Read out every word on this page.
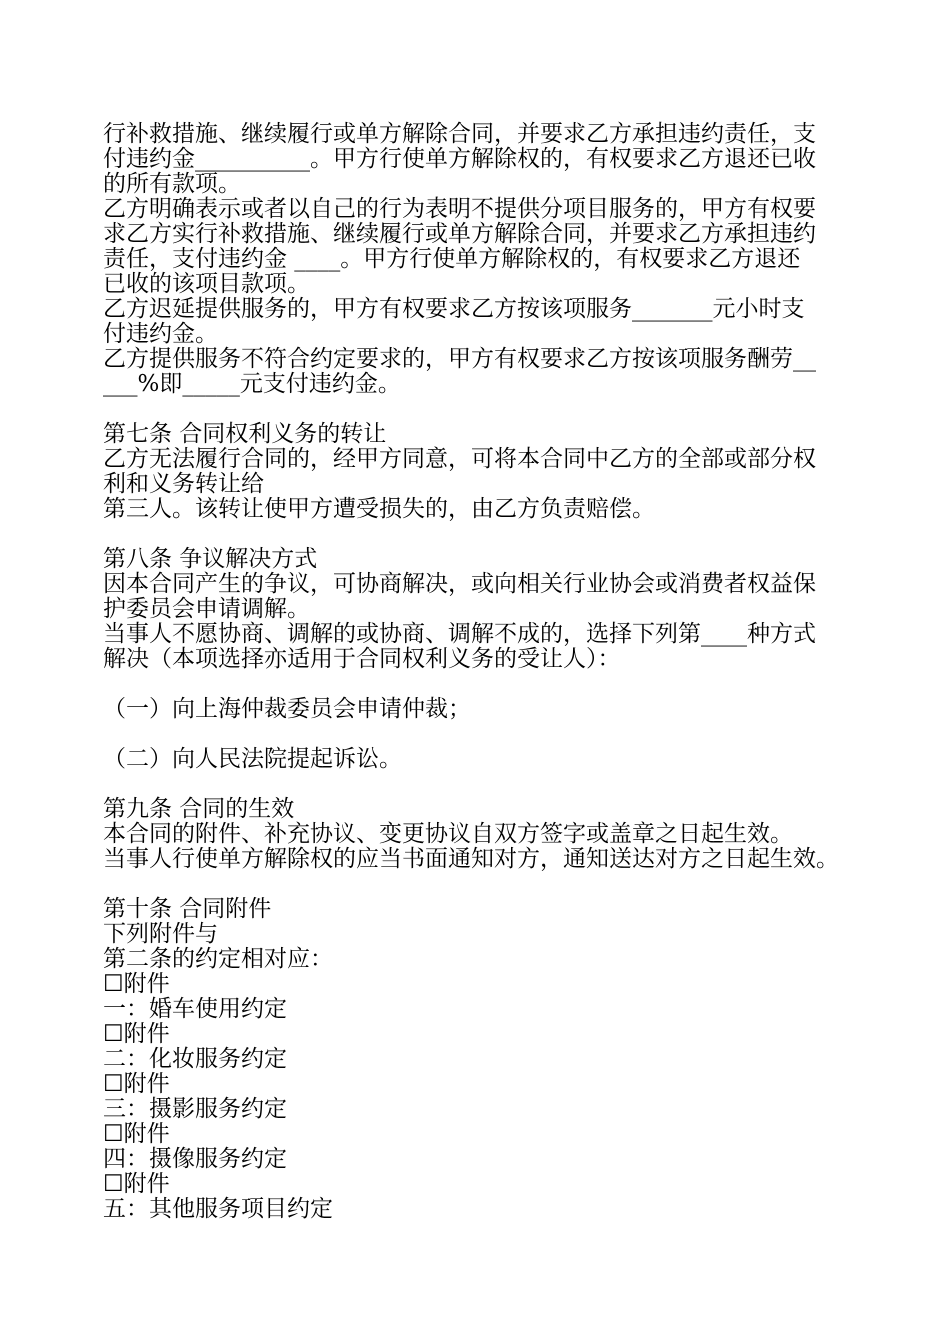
行补救措施、继续履行或单方解除合同，并要求乙方承担违约责任，支
付违约金__________。甲方行使单方解除权的，有权要求乙方退还已收
的所有款项。
乙方明确表示或者以自己的行为表明不提供分项目服务的，甲方有权要
求乙方实行补救措施、继续履行或单方解除合同，并要求乙方承担违约
责任，支付违约金 ____。甲方行使单方解除权的，有权要求乙方退还
已收的该项目款项。
乙方迟延提供服务的，甲方有权要求乙方按该项服务_______元小时支
付违约金。
乙方提供服务不符合约定要求的，甲方有权要求乙方按该项服务酬劳__
___%即_____元支付违约金。
第七条 合同权利义务的转让
乙方无法履行合同的，经甲方同意，可将本合同中乙方的全部或部分权
利和义务转让给
第三人。该转让使甲方遭受损失的，由乙方负责赔偿。
第八条 争议解决方式
因本合同产生的争议，可协商解决，或向相关行业协会或消费者权益保
护委员会申请调解。
当事人不愿协商、调解的或协商、调解不成的，选择下列第____种方式
解决（本项选择亦适用于合同权利义务的受让人）：
（一）向上海仲裁委员会申请仲裁；
（二）向人民法院提起诉讼。
第九条 合同的生效
本合同的附件、补充协议、变更协议自双方签字或盖章之日起生效。
当事人行使单方解除权的应当书面通知对方，通知送达对方之日起生效。
第十条 合同附件
下列附件与
第二条的约定相对应：
☐附件
一：婚车使用约定
☐附件
二：化妆服务约定
☐附件
三：摄影服务约定
☐附件
四：摄像服务约定
☐附件
五：其他服务项目约定
